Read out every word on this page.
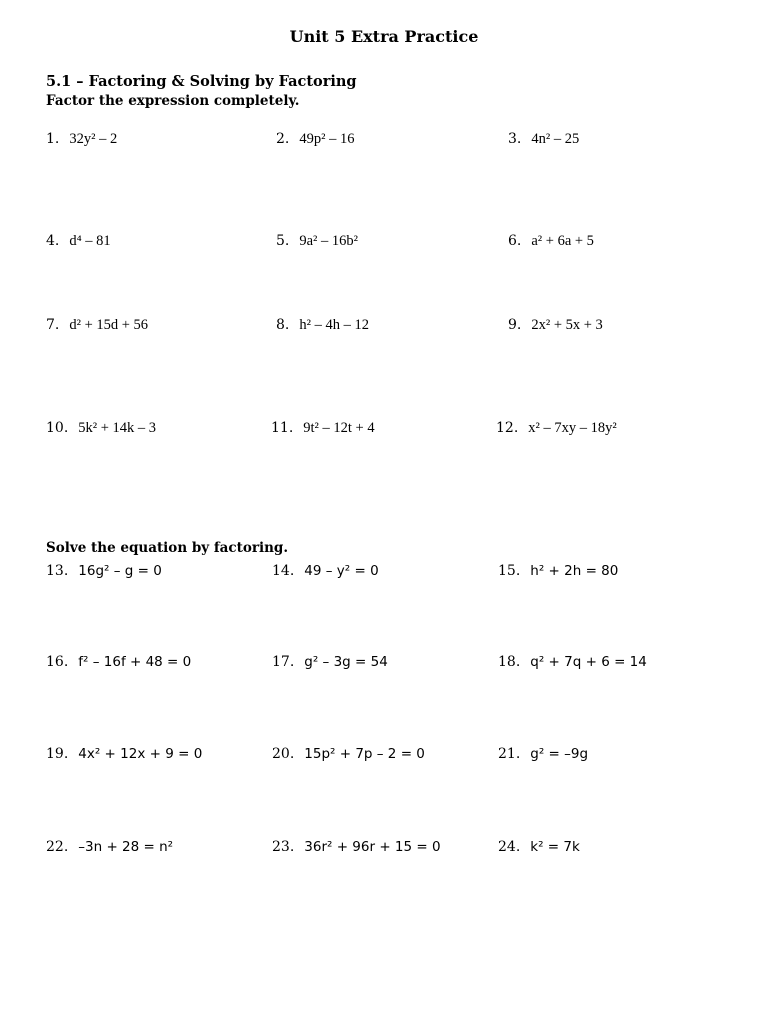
Unit 5 Extra Practice
5.1 – Factoring & Solving by Factoring
Factor the expression completely.
1. 32y² – 2	2. 49p² – 16	3. 4n² – 25
4. d⁴ – 81	5. 9a² – 16b²	6. a² + 6a + 5
7. d² + 15d + 56	8. h² – 4h – 12	9. 2x² + 5x + 3
10. 5k² + 14k – 3	11. 9t² – 12t + 4	12. x² – 7xy – 18y²
Solve the equation by factoring.
13. 16g² – g = 0	14. 49 – y² = 0	15. h² + 2h = 80
16. f² – 16f + 48 = 0	17. g² – 3g = 54	18. q² + 7q + 6 = 14
19. 4x² + 12x + 9 = 0	20. 15p² + 7p – 2 = 0	21. g² = –9g
22. –3n + 28 = n²	23. 36r² + 96r + 15 = 0	24. k² = 7k
